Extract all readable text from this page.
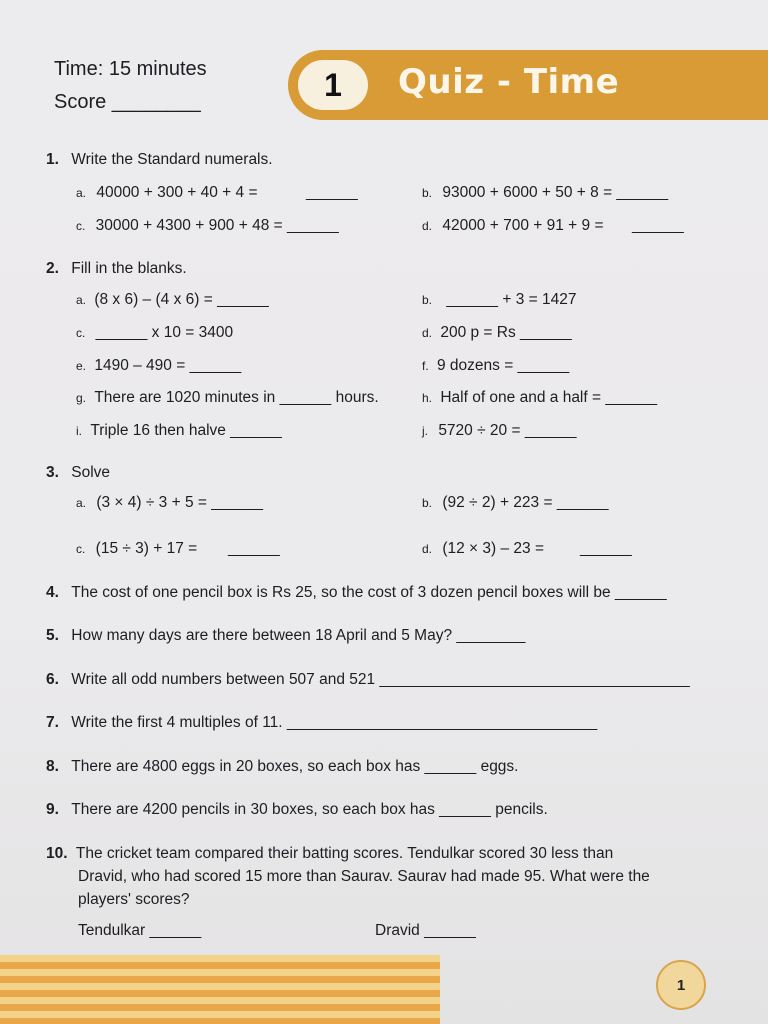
Time: 15 minutes
Score ________	1	Quiz - Time
1. Write the Standard numerals.
a. 40000 + 300 + 40 + 4 =	______	b. 93000 + 6000 + 50 + 8 = ______
c. 30000 + 4300 + 900 + 48 = ______	d. 42000 + 700 + 91 + 9 = ______
2. Fill in the blanks.
a. (8 x 6) – (4 x 6) = ______	b. ______ + 3 = 1427
c. ______ x 10 = 3400	d. 200 p = Rs ______
e. 1490 – 490 = ______	f. 9 dozens = ______
g. There are 1020 minutes in ______ hours.	h. Half of one and a half = ______
i. Triple 16 then halve ______	j. 5720 ÷ 20 = ______
3. Solve
a. (3 × 4) ÷ 3 + 5 = ______	b. (92 ÷ 2) + 223 = ______
c. (15 ÷ 3) + 17 = ______	d. (12 × 3) – 23 = ______
4. The cost of one pencil box is Rs 25, so the cost of 3 dozen pencil boxes will be ______
5. How many days are there between 18 April and 5 May? ________
6. Write all odd numbers between 507 and 521 ____________________________________
7. Write the first 4 multiples of 11. ____________________________________
8. There are 4800 eggs in 20 boxes, so each box has ______ eggs.
9. There are 4200 pencils in 30 boxes, so each box has ______ pencils.
10. The cricket team compared their batting scores. Tendulkar scored 30 less than
Dravid, who had scored 15 more than Saurav. Saurav had made 95. What were the
players' scores?
Tendulkar ______	Dravid ______
1
